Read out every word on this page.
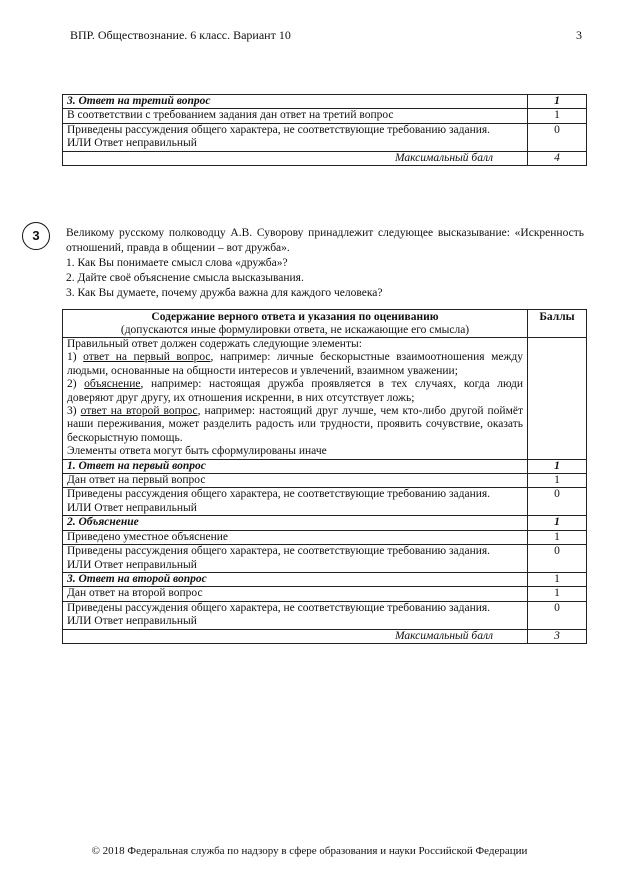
ВПР. Обществознание. 6 класс. Вариант 10	3
3. Ответ на третий вопрос	1
В соответствии с требованием задания дан ответ на третий вопрос	1

Приведены рассуждения общего характера, не соответствующие требованию задания.
ИЛИ Ответ неправильный	0
Максимальный балл	4
3	Великому русскому полководцу А.В. Суворову принадлежит следующее высказывание: «Искренность отношений, правда в общении – вот дружба».

1. Как Вы понимаете смысл слова «дружба»?

2. Дайте своё объяснение смысла высказывания.

3. Как Вы думаете, почему дружба важна для каждого человека?

Содержание верного ответа и указания по оцениванию
(допускаются иные формулировки ответа, не искажающие его смысла)	Баллы

Правильный ответ должен содержать следующие элементы:
1) ответ на первый вопрос, например: личные бескорыстные взаимоотношения между людьми, основанные на общности интересов и увлечений, взаимном уважении;
2) объяснение, например: настоящая дружба проявляется в тех случаях, когда люди доверяют друг другу, их отношения искренни, в них отсутствует ложь;
3) ответ на второй вопрос, например: настоящий друг лучше, чем кто-либо другой поймёт наши переживания, может разделить радость или трудности, проявить сочувствие, оказать бескорыстную помощь.
Элементы ответа могут быть сформулированы иначе	

1. Ответ на первый вопрос	1
Дан ответ на первый вопрос	1

Приведены рассуждения общего характера, не соответствующие требованию задания.
ИЛИ Ответ неправильный	0
2. Объяснение	1
Приведено уместное объяснение	1

Приведены рассуждения общего характера, не соответствующие требованию задания.
ИЛИ Ответ неправильный	0
3. Ответ на второй вопрос	1
Дан ответ на второй вопрос	1

Приведены рассуждения общего характера, не соответствующие требованию задания.
ИЛИ Ответ неправильный	0
Максимальный балл	3
© 2018 Федеральная служба по надзору в сфере образования и науки Российской Федерации
